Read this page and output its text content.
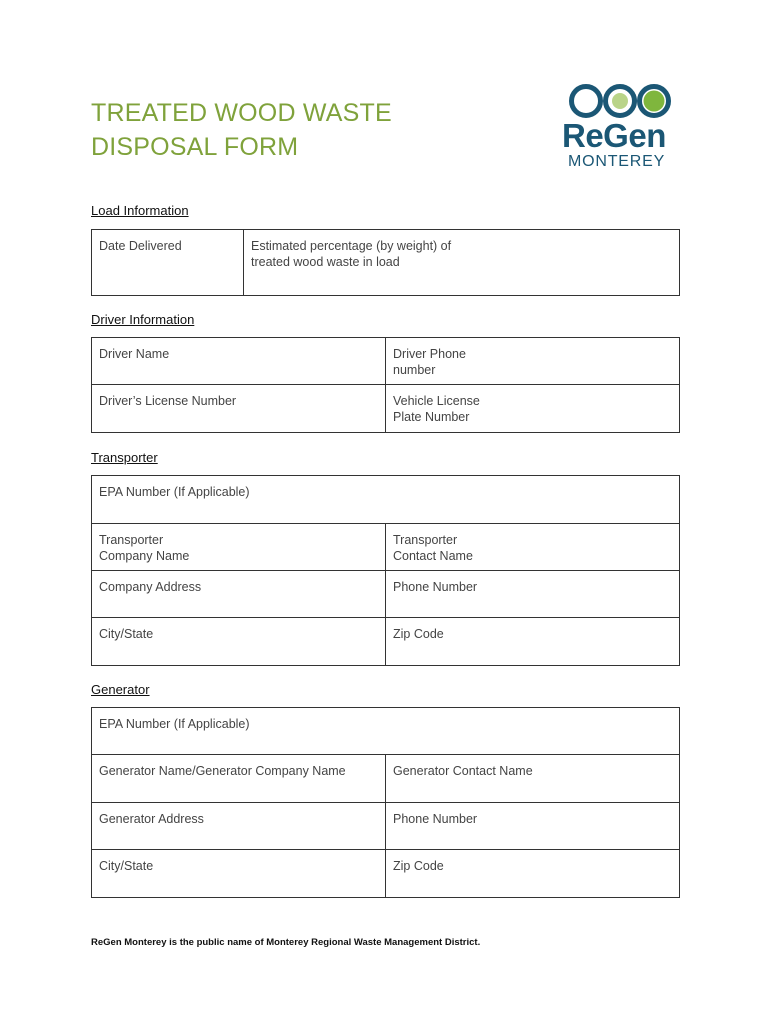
TREATED WOOD WASTE
DISPOSAL FORM	ReGen
MONTEREY
Load Information
Date Delivered	Estimated percentage (by weight) of treated wood waste in load
Driver Information
Driver Name	Driver Phone number

Driver’s License Number	Vehicle License Plate Number
Transporter
EPA Number (If Applicable)	

Transporter Company Name	Transporter Contact Name

Company Address	Phone Number
City/State	Zip Code
Generator
EPA Number (If Applicable)	
Generator Name/Generator Company Name	Generator Contact Name
Generator Address	Phone Number
City/State	Zip Code
ReGen Monterey is the public name of Monterey Regional Waste Management District.
